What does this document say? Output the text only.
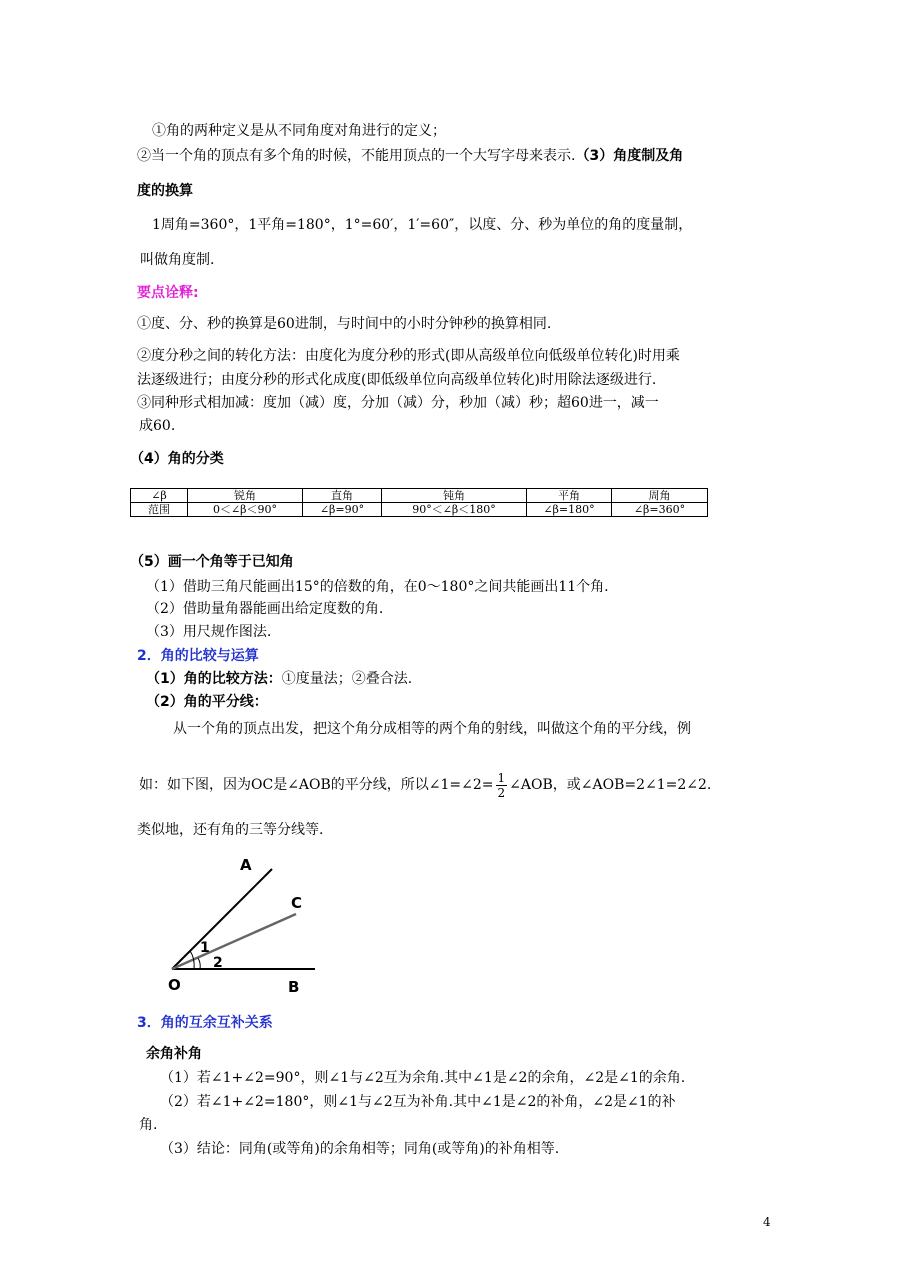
①角的两种定义是从不同角度对角进行的定义；
②当一个角的顶点有多个角的时候，不能用顶点的一个大写字母来表示.（3）角度制及角
度的换算
1周角=360°，1平角=180°，1°=60′，1′=60″，以度、分、秒为单位的角的度量制，
叫做角度制.
要点诠释:
①度、分、秒的换算是60进制，与时间中的小时分钟秒的换算相同.
②度分秒之间的转化方法：由度化为度分秒的形式(即从高级单位向低级单位转化)时用乘
法逐级进行；由度分秒的形式化成度(即低级单位向高级单位转化)时用除法逐级进行.
③同种形式相加减：度加（减）度，分加（减）分，秒加（减）秒；超60进一，减一
成60.
（4）角的分类
∠β	锐角	直角	钝角	平角	周角
范围	0＜∠β＜90°	∠β=90°	90°＜∠β＜180°	∠β=180°	∠β=360°
（5）画一个角等于已知角
（1）借助三角尺能画出15°的倍数的角，在0～180°之间共能画出11个角.
（2）借助量角器能画出给定度数的角.
（3）用尺规作图法.
2．角的比较与运算
（1）角的比较方法：①度量法；②叠合法.
（2）角的平分线：
从一个角的顶点出发，把这个角分成相等的两个角的射线，叫做这个角的平分线，例
如：如下图，因为OC是∠AOB的平分线，所以∠1=∠2= $\frac{1}{2}$ ∠AOB，或∠AOB=2∠1=2∠2.
类似地，还有角的三等分线等.
A
C
O	B
1
2
3．角的互余互补关系
余角补角
（1）若∠1+∠2=90°，则∠1与∠2互为余角.其中∠1是∠2的余角，∠2是∠1的余角.
（2）若∠1+∠2=180°，则∠1与∠2互为补角.其中∠1是∠2的补角，∠2是∠1的补
角.
（3）结论：同角(或等角)的余角相等；同角(或等角)的补角相等.
4
